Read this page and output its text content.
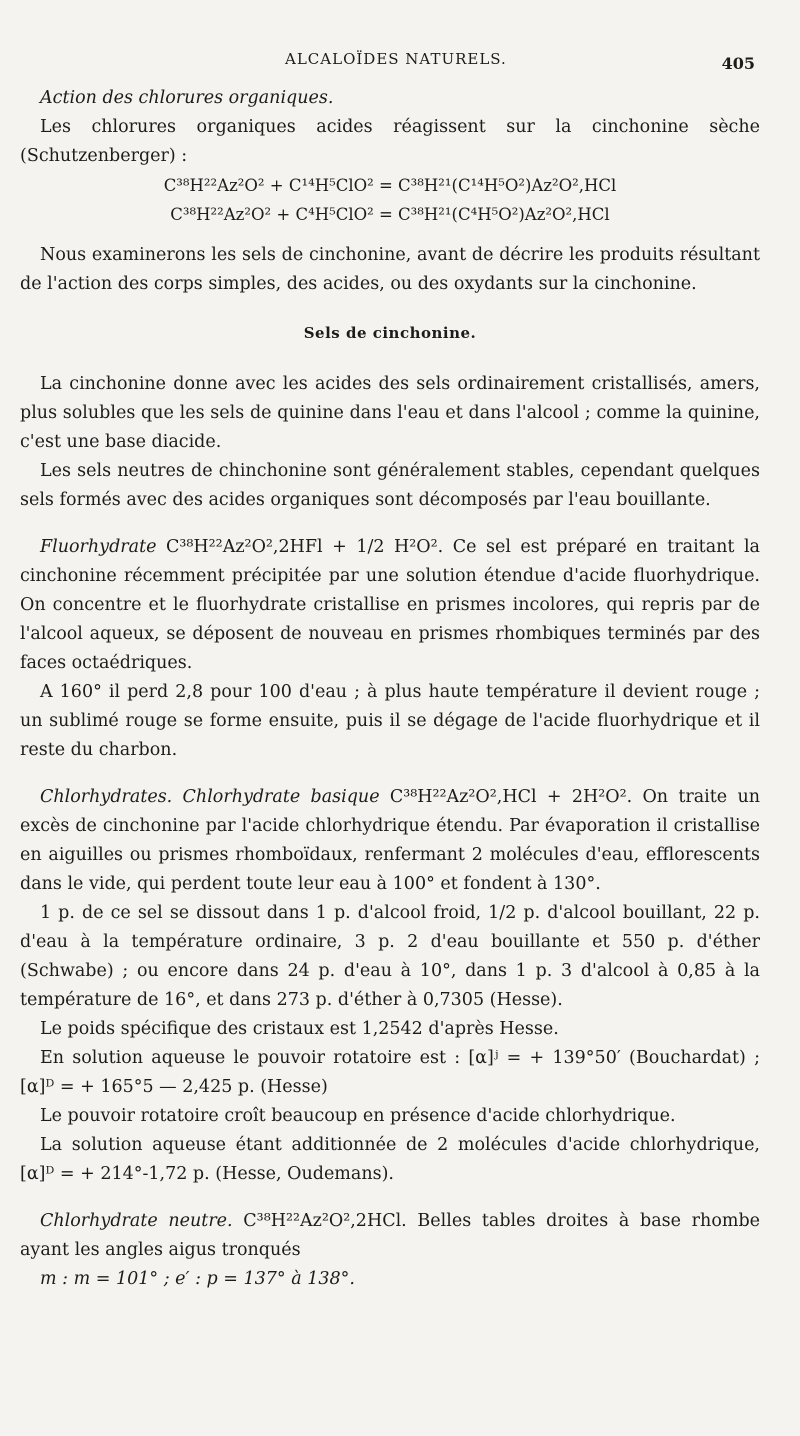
ALCALOÏDES NATURELS.	405

Action des chlorures organiques.

Les chlorures organiques acides réagissent sur la cinchonine sèche (Schutzenberger) :

C³⁸H²²Az²O² + C¹⁴H⁵ClO² = C³⁸H²¹(C¹⁴H⁵O²)Az²O²,HCl

C³⁸H²²Az²O² + C⁴H⁵ClO² = C³⁸H²¹(C⁴H⁵O²)Az²O²,HCl

Nous examinerons les sels de cinchonine, avant de décrire les produits résultant de l'action des corps simples, des acides, ou des oxydants sur la cinchonine.

Sels de cinchonine.

La cinchonine donne avec les acides des sels ordinairement cristallisés, amers, plus solubles que les sels de quinine dans l'eau et dans l'alcool ; comme la quinine, c'est une base diacide.

Les sels neutres de chinchonine sont généralement stables, cependant quelques sels formés avec des acides organiques sont décomposés par l'eau bouillante.

Fluorhydrate C³⁸H²²Az²O²,2HFl + 1/2 H²O². Ce sel est préparé en traitant la cinchonine récemment précipitée par une solution étendue d'acide fluorhydrique. On concentre et le fluorhydrate cristallise en prismes incolores, qui repris par de l'alcool aqueux, se déposent de nouveau en prismes rhombiques terminés par des faces octaédriques.

A 160° il perd 2,8 pour 100 d'eau ; à plus haute température il devient rouge ; un sublimé rouge se forme ensuite, puis il se dégage de l'acide fluorhydrique et il reste du charbon.

Chlorhydrates. Chlorhydrate basique C³⁸H²²Az²O²,HCl + 2H²O². On traite un excès de cinchonine par l'acide chlorhydrique étendu. Par évaporation il cristallise en aiguilles ou prismes rhomboïdaux, renfermant 2 molécules d'eau, efflorescents dans le vide, qui perdent toute leur eau à 100° et fondent à 130°.

1 p. de ce sel se dissout dans 1 p. d'alcool froid, 1/2 p. d'alcool bouillant, 22 p. d'eau à la température ordinaire, 3 p. 2 d'eau bouillante et 550 p. d'éther (Schwabe) ; ou encore dans 24 p. d'eau à 10°, dans 1 p. 3 d'alcool à 0,85 à la température de 16°, et dans 273 p. d'éther à 0,7305 (Hesse).

Le poids spécifique des cristaux est 1,2542 d'après Hesse.

En solution aqueuse le pouvoir rotatoire est : [α]ʲ = + 139°50′ (Bouchardat) ; [α]ᴰ = + 165°5 — 2,425 p. (Hesse)

Le pouvoir rotatoire croît beaucoup en présence d'acide chlorhydrique.

La solution aqueuse étant additionnée de 2 molécules d'acide chlorhydrique, [α]ᴰ = + 214°-1,72 p. (Hesse, Oudemans).

Chlorhydrate neutre. C³⁸H²²Az²O²,2HCl. Belles tables droites à base rhombe ayant les angles aigus tronqués

m : m = 101° ; e′ : p = 137° à 138°.
